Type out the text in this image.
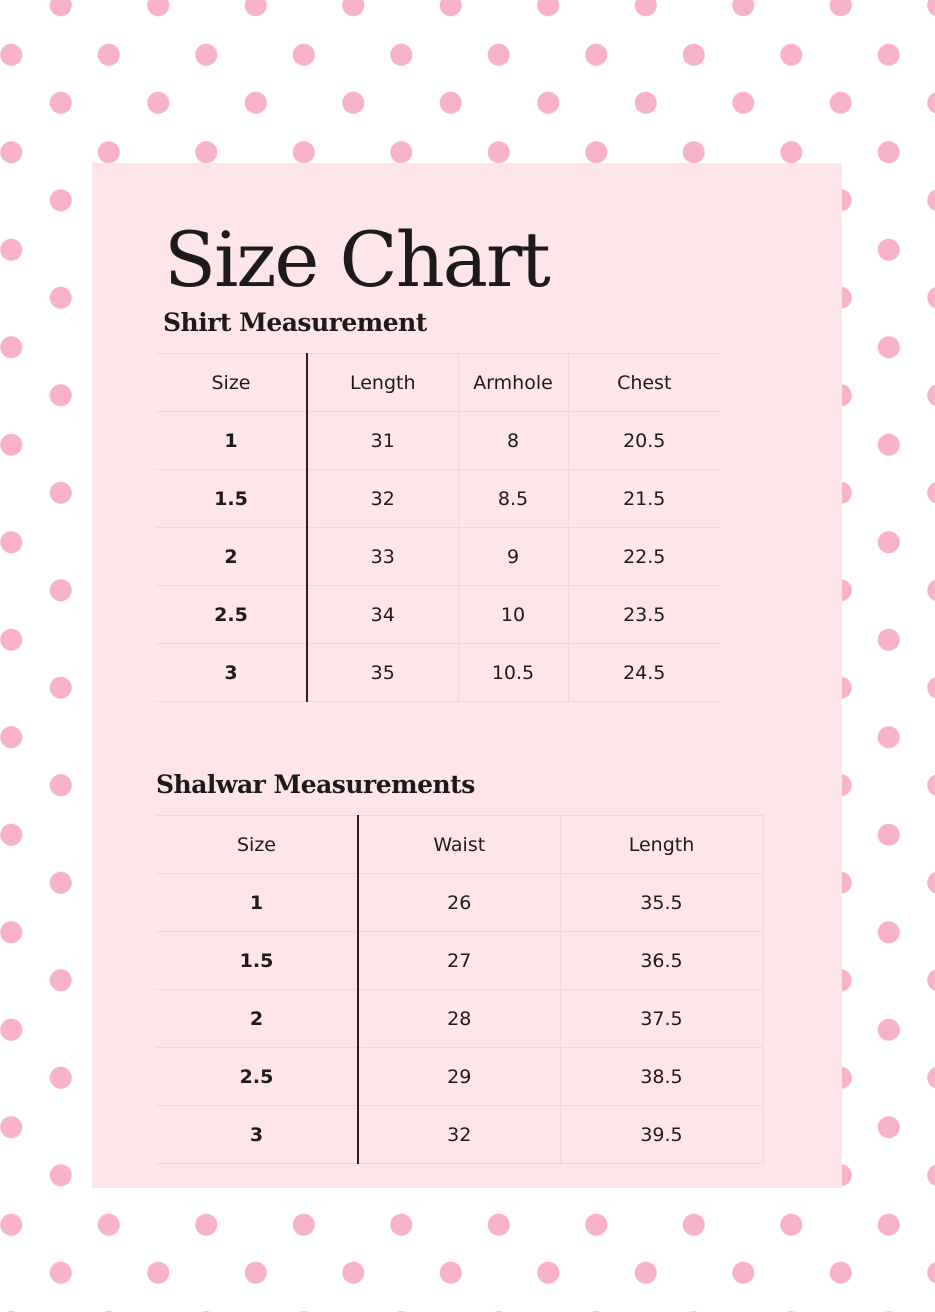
Size Chart
Shirt Measurement
Size	Length	Armhole	Chest
1	31	8	20.5
1.5	32	8.5	21.5
2	33	9	22.5
2.5	34	10	23.5
3	35	10.5	24.5
Shalwar Measurements
Size	Waist	Length
1	26	35.5
1.5	27	36.5
2	28	37.5
2.5	29	38.5
3	32	39.5
